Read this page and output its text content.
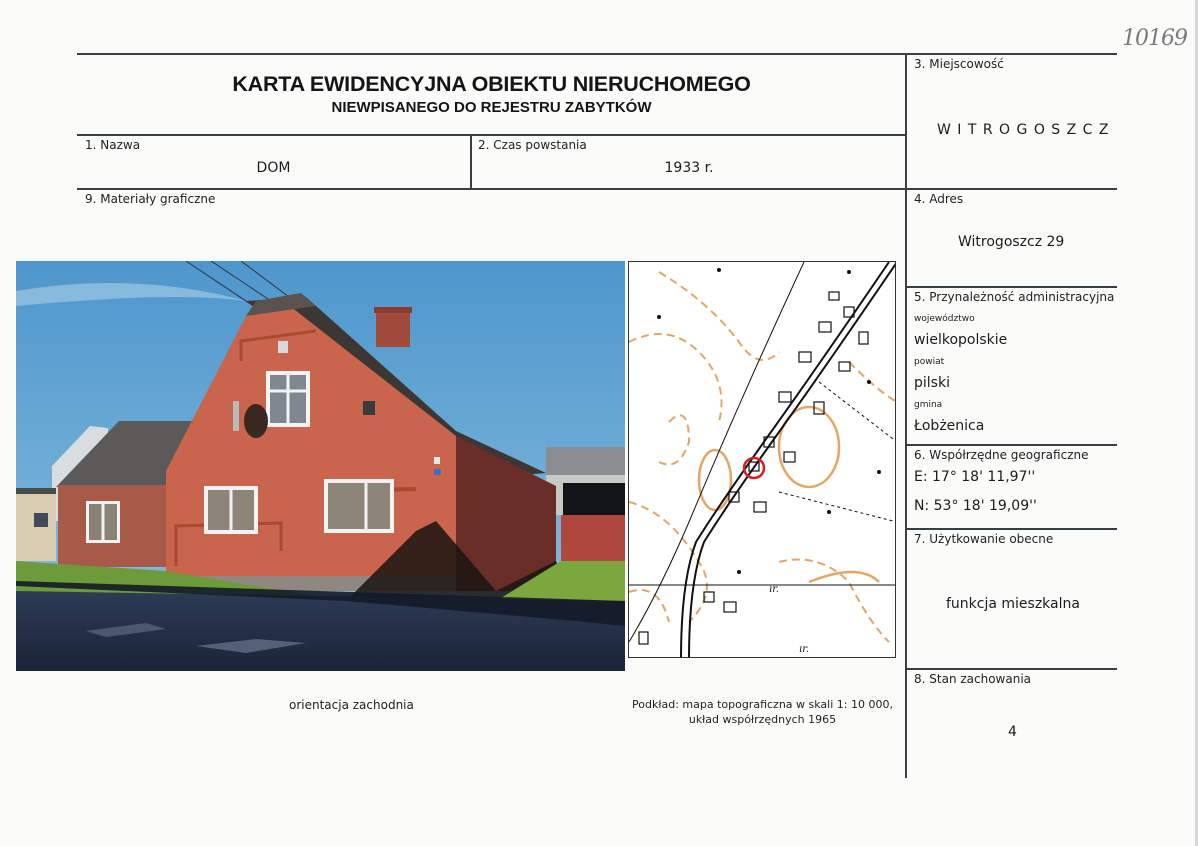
10169
KARTA EWIDENCYJNA OBIEKTU NIERUCHOMEGO
NIEWPISANEGO DO REJESTRU ZABYTKÓW
1. Nazwa
DOM
2. Czas powstania
1933 r.
3. Miejscowość
W I T R O G O S Z C Z
4. Adres
Witrogoszcz 29
5. Przynależność administracyjna
województwo
wielkopolskie
powiat
pilski
gmina
Łobżenica
6. Współrzędne geograficzne
E: 17° 18' 11,97''
N: 53° 18' 19,09''
7. Użytkowanie obecne
funkcja mieszkalna
8. Stan zachowania
4
9. Materiały graficzne
ır.
ır.
orientacja zachodnia	Podkład: mapa topograficzna w skali 1: 10 000,
układ współrzędnych 1965
